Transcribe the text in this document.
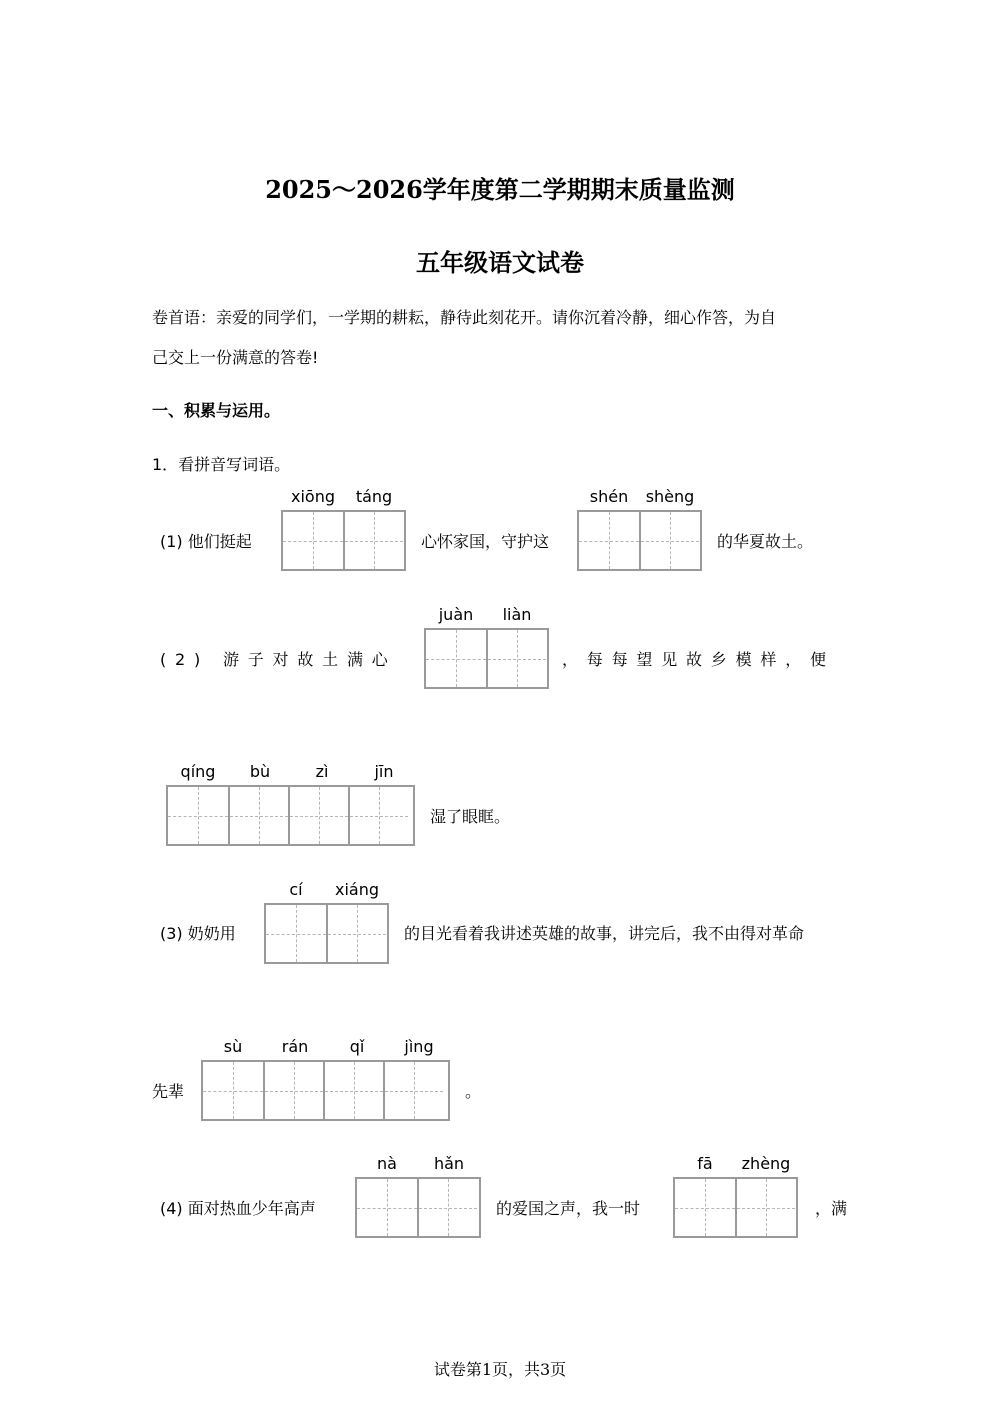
2025～2026学年度第二学期期末质量监测
五年级语文试卷
卷首语：亲爱的同学们，一学期的耕耘，静待此刻花开。请你沉着冷静，细心作答，为自
己交上一份满意的答卷!
一、积累与运用。
1．看拼音写词语。
(1) 他们挺起
xiōng	táng
心怀家国，守护这
shén	shèng
的华夏故土。
(2) 游子对故土满心
juàn	liàn
，每每望见故乡模样，便
qíng	bù	zì	jīn
湿了眼眶。
(3) 奶奶用
cí	xiáng
的目光看着我讲述英雄的故事，讲完后，我不由得对革命
先辈
sù	rán	qǐ	jìng
。
(4) 面对热血少年高声
nà	hǎn
的爱国之声，我一时
fā	zhèng
，满
试卷第1页，共3页
